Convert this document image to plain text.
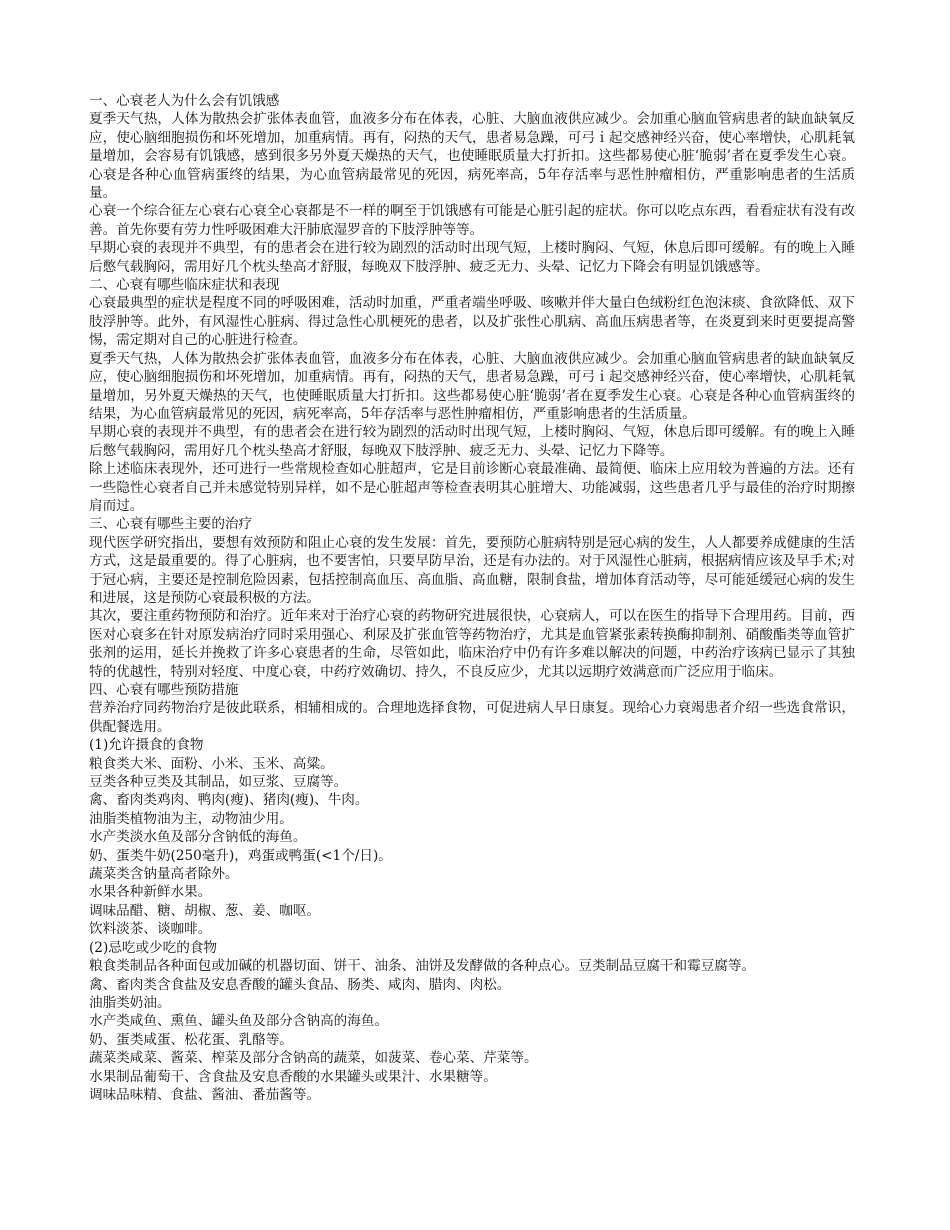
一、心衰老人为什么会有饥饿感

夏季天气热，人体为散热会扩张体表血管，血液多分布在体表，心脏、大脑血液供应减少。会加重心脑血管病患者的缺血缺氧反应，使心脑细胞损伤和坏死增加，加重病情。再有，闷热的天气，患者易急躁，可弓ｉ起交感神经兴奋，使心率增快，心肌耗氧量增加，会容易有饥饿感，感到很多另外夏天燥热的天气，也使睡眠质量大打折扣。这些都易使心脏‘脆弱’者在夏季发生心衰。心衰是各种心血管病蛋终的结果，为心血管病最常见的死因，病死率高，5年存活率与恶性肿瘤相仿，严重影响患者的生活质量。

心衰一个综合征左心衰右心衰全心衰都是不一样的啊至于饥饿感有可能是心脏引起的症状。你可以吃点东西，看看症状有没有改善。首先你要有劳力性呼吸困难大汗肺底湿罗音的下肢浮肿等等。

早期心衰的表现并不典型，有的患者会在进行较为剧烈的活动时出现气短，上楼时胸闷、气短，休息后即可缓解。有的晚上入睡后憋气载胸闷，需用好几个枕头垫高才舒服，每晚双下肢浮肿、疲乏无力、头晕、记忆力下降会有明显饥饿感等。

二、心衰有哪些临床症状和表现

心衰最典型的症状是程度不同的呼吸困难，活动时加重，严重者端坐呼吸、咳嗽并伴大量白色绒粉红色泡沫痰、食欲降低、双下肢浮肿等。此外，有风湿性心脏病、得过急性心肌梗死的患者，以及扩张性心肌病、高血压病患者等，在炎夏到来时更要提高警惕，需定期对自己的心脏进行检查。

夏季天气热，人体为散热会扩张体表血管，血液多分布在体表，心脏、大脑血液供应减少。会加重心脑血管病患者的缺血缺氧反应，使心脑细胞损伤和坏死增加，加重病情。再有，闷热的天气，患者易急躁，可弓ｉ起交感神经兴奋，使心率增快，心肌耗氧量增加，另外夏天燥热的天气，也使睡眠质量大打折扣。这些都易使心脏‘脆弱’者在夏季发生心衰。心衰是各种心血管病蛋终的结果，为心血管病最常见的死因，病死率高，5年存活率与恶性肿瘤相仿，严重影响患者的生活质量。

早期心衰的表现并不典型，有的患者会在进行较为剧烈的活动时出现气短，上楼时胸闷、气短，休息后即可缓解。有的晚上入睡后憋气载胸闷，需用好几个枕头垫高才舒服，每晚双下肢浮肿、疲乏无力、头晕、记忆力下降等。

除上述临床表现外，还可进行一些常规检查如心脏超声，它是目前诊断心衰最准确、最简便、临床上应用较为普遍的方法。还有一些隐性心衰者自己并未感觉特别异样，如不是心脏超声等检查表明其心脏增大、功能减弱，这些患者几乎与最佳的治疗时期擦肩而过。

三、心衰有哪些主要的治疗

现代医学研究指出，要想有效预防和阻止心衰的发生发展：首先，要预防心脏病特别是冠心病的发生，人人都要养成健康的生活方式，这是最重要的。得了心脏病，也不要害怕，只要早防早治，还是有办法的。对于风湿性心脏病，根据病情应该及早手术;对于冠心病，主要还是控制危险因素，包括控制高血压、高血脂、高血糖，限制食盐，增加体育活动等，尽可能延缓冠心病的发生和进展，这是预防心衰最积极的方法。

其次，要注重药物预防和治疗。近年来对于治疗心衰的药物研究进展很快，心衰病人，可以在医生的指导下合理用药。目前，西医对心衰多在针对原发病治疗同时采用强心、利尿及扩张血管等药物治疗，尤其是血管紧张素转换酶抑制剂、硝酸酯类等血管扩张剂的运用，延长并挽救了许多心衰患者的生命，尽管如此，临床治疗中仍有许多难以解决的问题，中药治疗该病已显示了其独特的优越性，特别对轻度、中度心衰，中药疗效确切、持久，不良反应少，尤其以远期疗效满意而广泛应用于临床。

四、心衰有哪些预防措施

营养治疗同药物治疗是彼此联系，相辅相成的。合理地选择食物，可促进病人早日康复。现给心力衰竭患者介绍一些选食常识，供配餐选用。

(1)允许摄食的食物

粮食类大米、面粉、小米、玉米、高粱。

豆类各种豆类及其制品，如豆浆、豆腐等。

禽、畜肉类鸡肉、鸭肉(瘦)、猪肉(瘦)、牛肉。

油脂类植物油为主，动物油少用。

水产类淡水鱼及部分含钠低的海鱼。

奶、蛋类牛奶(250毫升)，鸡蛋或鸭蛋(<1个/日)。

蔬菜类含钠量高者除外。

水果各种新鲜水果。

调味品醋、糖、胡椒、葱、姜、咖呕。

饮料淡茶、谈咖啡。

(2)忌吃或少吃的食物

粮食类制品各种面包或加碱的机器切面、饼干、油条、油饼及发酵做的各种点心。豆类制品豆腐干和霉豆腐等。

禽、畜肉类含食盐及安息香酸的罐头食品、肠类、咸肉、腊肉、肉松。

油脂类奶油。

水产类咸鱼、熏鱼、罐头鱼及部分含钠高的海鱼。

奶、蛋类咸蛋、松花蛋、乳酪等。

蔬菜类咸菜、酱菜、榨菜及部分含钠高的蔬菜，如菠菜、卷心菜、芹菜等。

水果制品葡萄干、含食盐及安息香酸的水果罐头或果汁、水果糖等。

调味品味精、食盐、酱油、番茄酱等。
